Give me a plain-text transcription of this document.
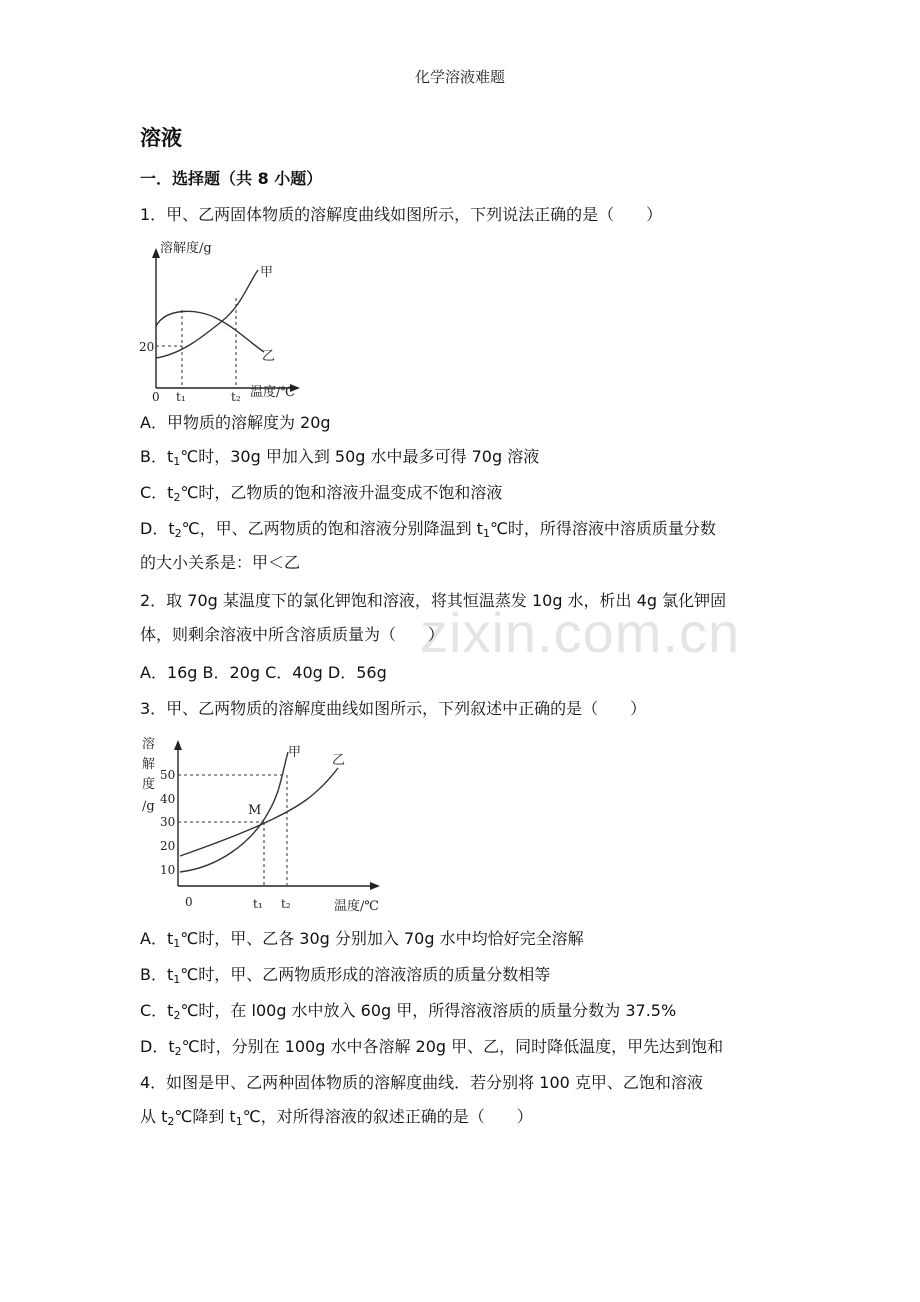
zixin.com.cn
化学溶液难题
溶液
一．选择题（共 8 小题）
1．甲、乙两固体物质的溶解度曲线如图所示，下列说法正确的是（　　）
溶解度/g
20
0 t₁	t₂ 温度/℃
甲
乙
A．甲物质的溶解度为 20g
B．$t_1℃$时，30g 甲加入到 50g 水中最多可得 70g 溶液
C．$t_2℃$时，乙物质的饱和溶液升温变成不饱和溶液
D．$t_2℃$，甲、乙两物质的饱和溶液分别降温到 $t_1℃$时，所得溶液中溶质质量分数
的大小关系是：甲＜乙
2．取 70g 某温度下的氯化钾饱和溶液，将其恒温蒸发 10g 水，析出 4g 氯化钾固
体，则剩余溶液中所含溶质质量为（　　）
A．16g B．20g C．40g D．56g
3．甲、乙两物质的溶解度曲线如图所示，下列叙述中正确的是（　　）
溶
解
度
/g
50
40
30
20
10
0	t₁ t₂	温度/℃
M
甲
乙
A．$t_1℃$时，甲、乙各 30g 分别加入 70g 水中均恰好完全溶解
B．$t_1℃$时，甲、乙两物质形成的溶液溶质的质量分数相等
C．$t_2℃$时，在 l00g 水中放入 60g 甲，所得溶液溶质的质量分数为 37.5%
D．$t_2℃$时，分别在 100g 水中各溶解 20g 甲、乙，同时降低温度，甲先达到饱和
4．如图是甲、乙两种固体物质的溶解度曲线．若分别将 100 克甲、乙饱和溶液
从 $t_2℃$降到 $t_1℃$，对所得溶液的叙述正确的是（　　）
